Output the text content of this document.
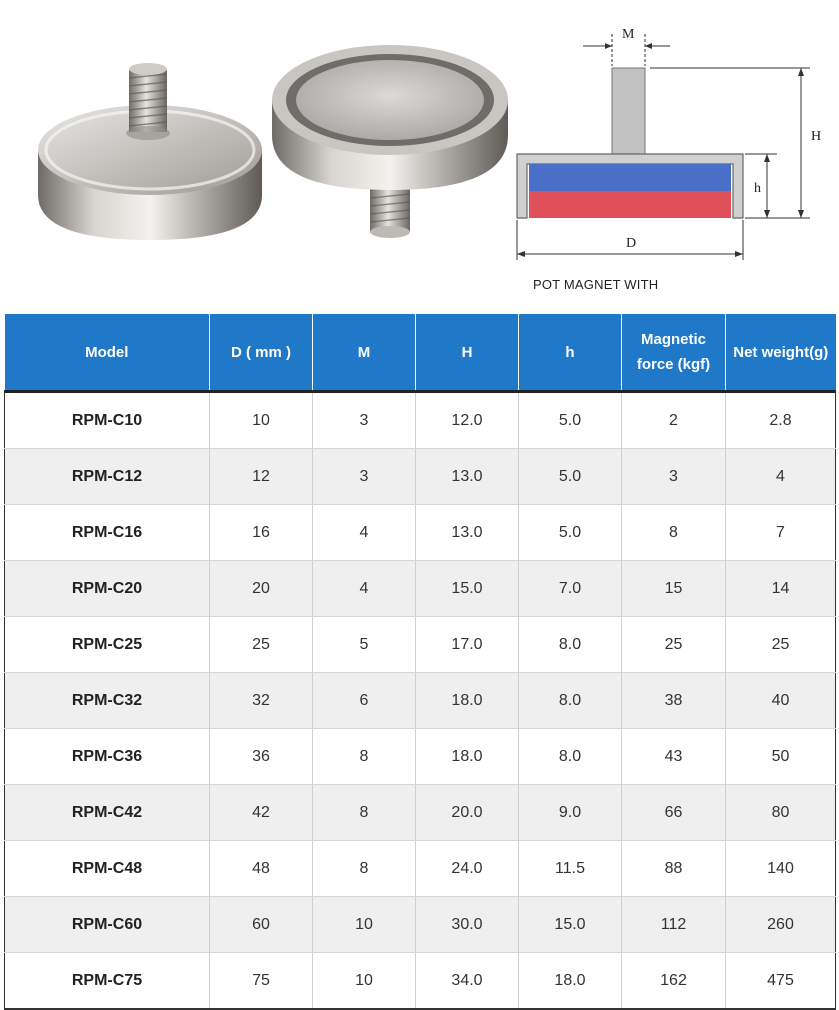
M
H
h
D
POT MAGNET WITH
Model	D ( mm )	M	H	h	Magnetic force (kgf)	Net weight(g)
RPM-C10	10	3	12.0	5.0	2	2.8
RPM-C12	12	3	13.0	5.0	3	4
RPM-C16	16	4	13.0	5.0	8	7
RPM-C20	20	4	15.0	7.0	15	14
RPM-C25	25	5	17.0	8.0	25	25
RPM-C32	32	6	18.0	8.0	38	40
RPM-C36	36	8	18.0	8.0	43	50
RPM-C42	42	8	20.0	9.0	66	80
RPM-C48	48	8	24.0	11.5	88	140
RPM-C60	60	10	30.0	15.0	112	260
RPM-C75	75	10	34.0	18.0	162	475
